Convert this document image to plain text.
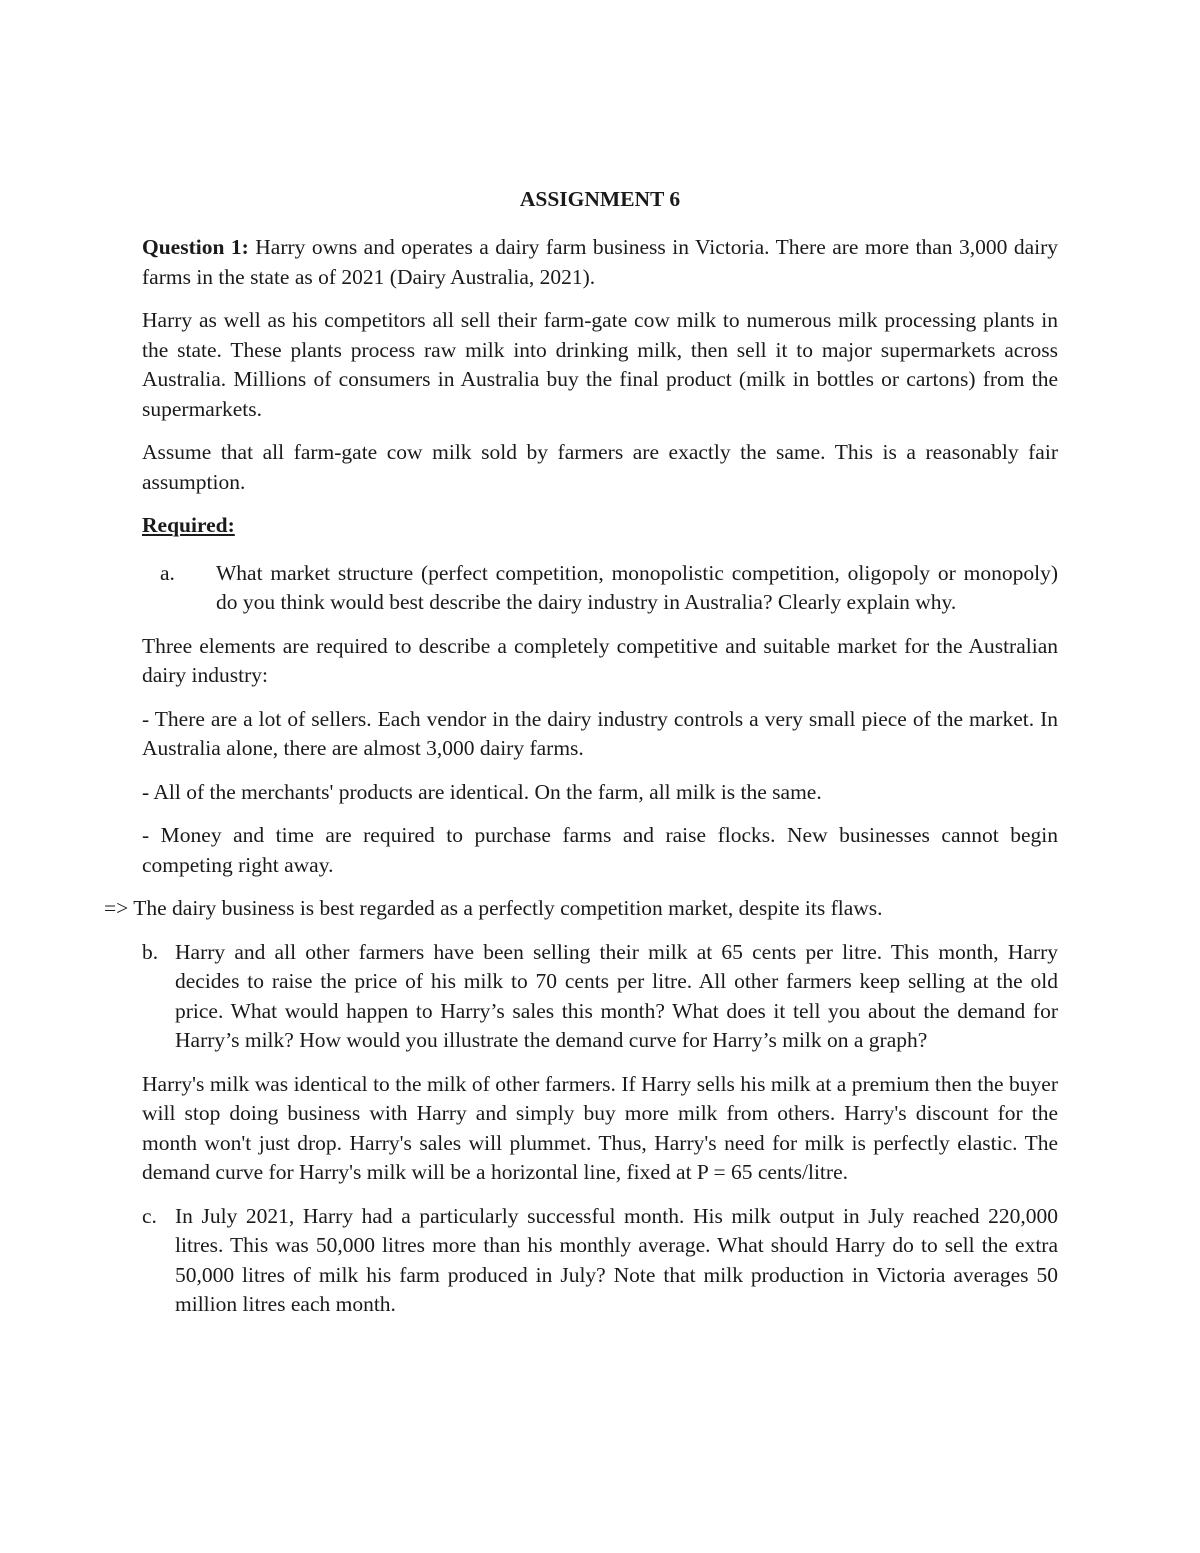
ASSIGNMENT 6

Question 1: Harry owns and operates a dairy farm business in Victoria. There are more than 3,000 dairy farms in the state as of 2021 (Dairy Australia, 2021).

Harry as well as his competitors all sell their farm-gate cow milk to numerous milk processing plants in the state. These plants process raw milk into drinking milk, then sell it to major supermarkets across Australia. Millions of consumers in Australia buy the final product (milk in bottles or cartons) from the supermarkets.

Assume that all farm-gate cow milk sold by farmers are exactly the same. This is a reasonably fair assumption.

Required:
a.	What market structure (perfect competition, monopolistic competition, oligopoly or monopoly) do you think would best describe the dairy industry in Australia? Clearly explain why.

Three elements are required to describe a completely competitive and suitable market for the Australian dairy industry:

- There are a lot of sellers. Each vendor in the dairy industry controls a very small piece of the market. In Australia alone, there are almost 3,000 dairy farms.

- All of the merchants' products are identical. On the farm, all milk is the same.

- Money and time are required to purchase farms and raise flocks. New businesses cannot begin competing right away.

=> The dairy business is best regarded as a perfectly competition market, despite its flaws.
b. Harry and all other farmers have been selling their milk at 65 cents per litre. This month, Harry decides to raise the price of his milk to 70 cents per litre. All other farmers keep selling at the old price. What would happen to Harry’s sales this month? What does it tell you about the demand for Harry’s milk? How would you illustrate the demand curve for Harry’s milk on a graph?

Harry's milk was identical to the milk of other farmers. If Harry sells his milk at a premium then the buyer will stop doing business with Harry and simply buy more milk from others. Harry's discount for the month won't just drop. Harry's sales will plummet. Thus, Harry's need for milk is perfectly elastic. The demand curve for Harry's milk will be a horizontal line, fixed at P = 65 cents/litre.

c. In July 2021, Harry had a particularly successful month. His milk output in July reached 220,000 litres. This was 50,000 litres more than his monthly average. What should Harry do to sell the extra 50,000 litres of milk his farm produced in July? Note that milk production in Victoria averages 50 million litres each month.
